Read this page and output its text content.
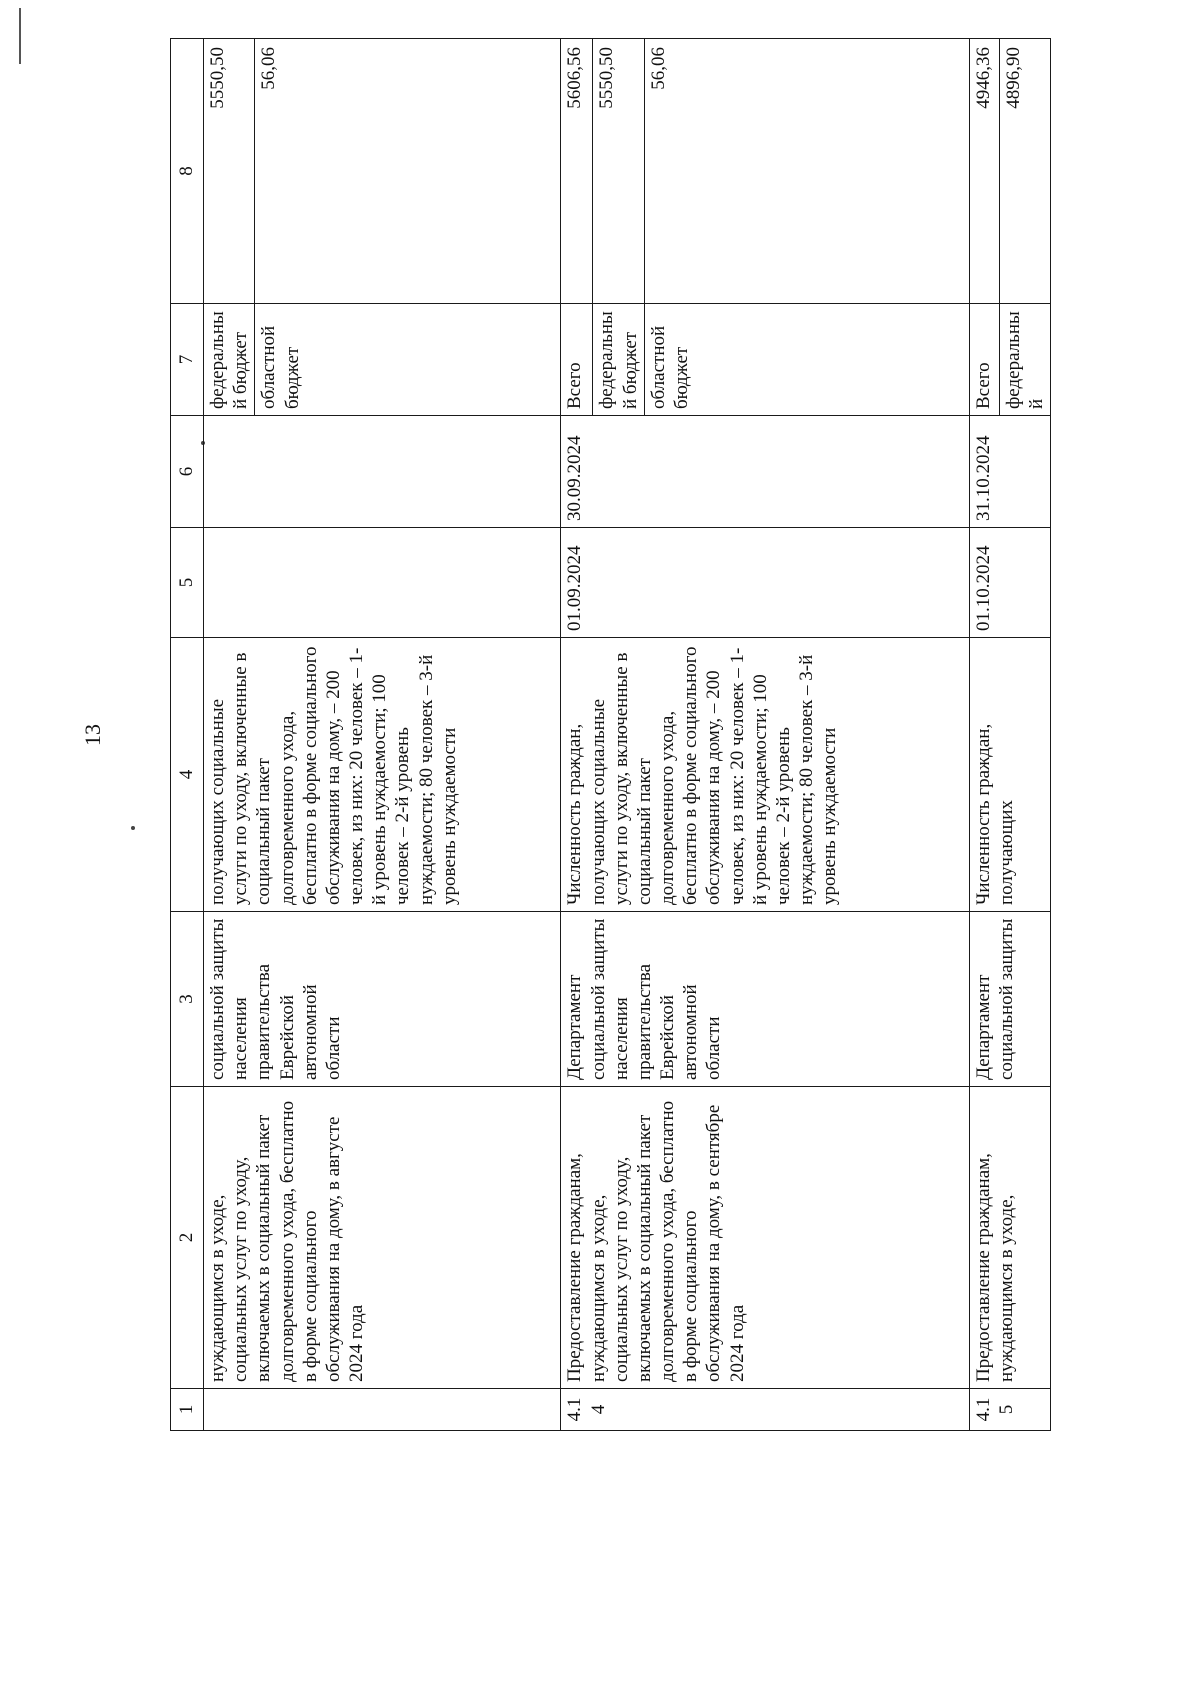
13
1	2	3	4	5	6	7	8
	нуждающимся в уходе, социальных услуг по уходу, включаемых в социальный пакет долговременного ухода, бесплатно в форме социального обслуживания на дому, в августе 2024 года	социальной защиты населения правительства Еврейской автономной области	получающих социальные услуги по уходу, включенные в социальный пакет долговременного ухода, бесплатно в форме социального обслуживания на дому, – 200 человек, из них: 20 человек – 1-й уровень нуждаемости; 100 человек – 2-й уровень нуждаемости; 80 человек – 3-й уровень нуждаемости			федеральный бюджет	5550,50
						областной бюджет	56,06
4.14	Предоставление гражданам, нуждающимся в уходе, социальных услуг по уходу, включаемых в социальный пакет долговременного ухода, бесплатно в форме социального обслуживания на дому, в сентябре 2024 года	Департамент социальной защиты населения правительства Еврейской автономной области	Численность граждан, получающих социальные услуги по уходу, включенные в социальный пакет долговременного ухода, бесплатно в форме социального обслуживания на дому, – 200 человек, из них: 20 человек – 1-й уровень нуждаемости; 100 человек – 2-й уровень нуждаемости; 80 человек – 3-й уровень нуждаемости	01.09.2024	30.09.2024	Всего	5606,56
						федеральный бюджет	5550,50
						областной бюджет	56,06
4.15	Предоставление гражданам, нуждающимся в уходе,	Департамент социальной защиты	Численность граждан, получающих	01.10.2024	31.10.2024	Всего	4946,36
						федеральный	4896,90
